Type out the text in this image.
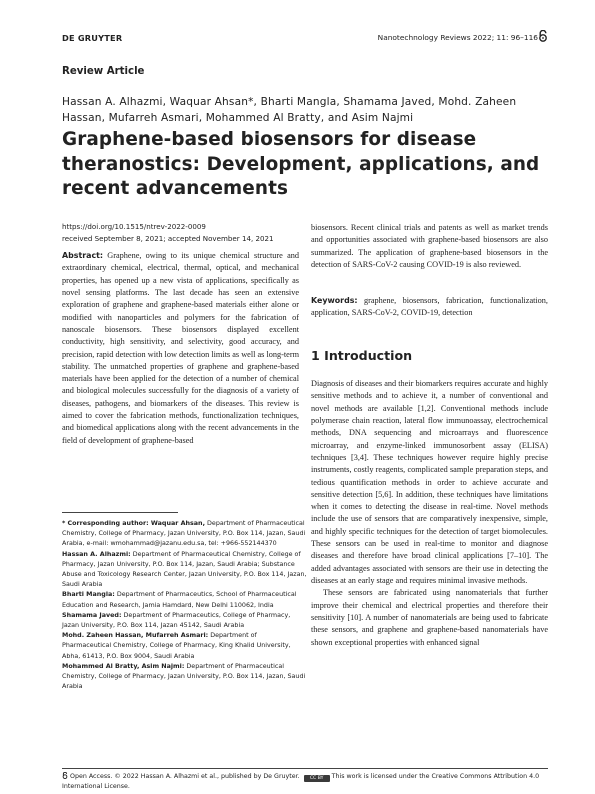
DE GRUYTER	Nanotechnology Reviews 2022; 11: 96–116
Review Article
Hassan A. Alhazmi, Waquar Ahsan*, Bharti Mangla, Shamama Javed, Mohd. Zaheen Hassan, Mufarreh Asmari, Mohammed Al Bratty, and Asim Najmi
Graphene-based biosensors for disease theranostics: Development, applications, and recent advancements
https://doi.org/10.1515/ntrev-2022-0009
received September 8, 2021; accepted November 14, 2021

Abstract: Graphene, owing to its unique chemical structure and extraordinary chemical, electrical, thermal, optical, and mechanical properties, has opened up a new vista of applications, specifically as novel sensing platforms. The last decade has seen an extensive exploration of graphene and graphene-based materials either alone or modified with nanoparticles and polymers for the fabrication of nanoscale biosensors. These biosensors displayed excellent conductivity, high sensitivity, and selectivity, good accuracy, and precision, rapid detection with low detection limits as well as long-term stability. The unmatched properties of graphene and graphene-based materials have been applied for the detection of a number of chemical and biological molecules successfully for the diagnosis of a variety of diseases, pathogens, and biomarkers of the diseases. This review is aimed to cover the fabrication methods, functionalization techniques, and biomedical applications along with the recent advancements in the field of development of graphene-based

biosensors. Recent clinical trials and patents as well as market trends and opportunities associated with graphene-based biosensors are also summarized. The application of graphene-based biosensors in the detection of SARS-CoV-2 causing COVID-19 is also reviewed.

Keywords: graphene, biosensors, fabrication, functionalization, application, SARS-CoV-2, COVID-19, detection

1 Introduction

Diagnosis of diseases and their biomarkers requires accurate and highly sensitive methods and to achieve it, a number of conventional and novel methods are available [1,2]. Conventional methods include polymerase chain reaction, lateral flow immunoassay, electrochemical methods, DNA sequencing and microarrays and fluorescence microarray, and enzyme-linked immunosorbent assay (ELISA) techniques [3,4]. These techniques however require highly precise instruments, costly reagents, complicated sample preparation steps, and tedious quantification methods in order to achieve accurate and sensitive detection [5,6]. In addition, these techniques have limitations when it comes to detecting the disease in real-time. Novel methods include the use of sensors that are comparatively inexpensive, simple, and highly specific techniques for the detection of target biomolecules. These sensors can be used in real-time to monitor and diagnose diseases and therefore have broad clinical applications [7–10]. The added advantages associated with sensors are their use in detecting the diseases at an early stage and requires minimal invasive methods.

These sensors are fabricated using nanomaterials that further improve their chemical and electrical properties and therefore their sensitivity [10]. A number of nanomaterials are being used to fabricate these sensors, and graphene and graphene-based nanomaterials have shown exceptional properties with enhanced signal

* Corresponding author: Waquar Ahsan, Department of Pharmaceutical Chemistry, College of Pharmacy, Jazan University, P.O. Box 114, Jazan, Saudi Arabia, e-mail: wmohammad@jazanu.edu.sa, tel: +966-552144370

Hassan A. Alhazmi: Department of Pharmaceutical Chemistry, College of Pharmacy, Jazan University, P.O. Box 114, Jazan, Saudi Arabia; Substance Abuse and Toxicology Research Center, Jazan University, P.O. Box 114, Jazan, Saudi Arabia

Bharti Mangla: Department of Pharmaceutics, School of Pharmaceutical Education and Research, Jamia Hamdard, New Delhi 110062, India

Shamama Javed: Department of Pharmaceutics, College of Pharmacy, Jazan University, P.O. Box 114, Jazan 45142, Saudi Arabia

Mohd. Zaheen Hassan, Mufarreh Asmari: Department of Pharmaceutical Chemistry, College of Pharmacy, King Khalid University, Abha, 61413, P.O. Box 9004, Saudi Arabia

Mohammed Al Bratty, Asim Najmi: Department of Pharmaceutical Chemistry, College of Pharmacy, Jazan University, P.O. Box 114, Jazan, Saudi Arabia

Open Access. © 2022 Hassan A. Alhazmi et al., published by De Gruyter. CC BY This work is licensed under the Creative Commons Attribution 4.0 International License.
